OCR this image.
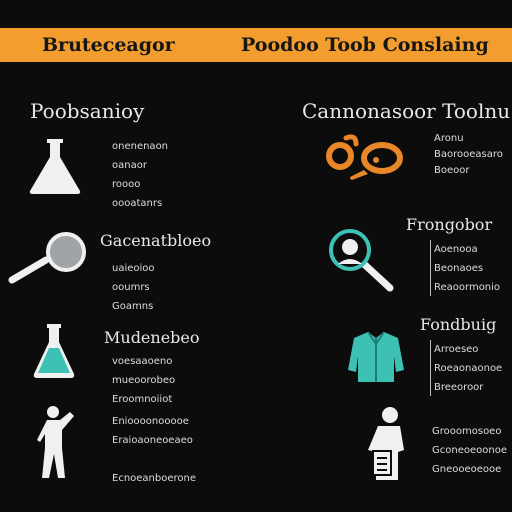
Bruteceagor	Poodoo Toob Conslaing
Poobsanioy	Cannonasoor Toolnu
onenenaon
oanaor
roooo
oooatanrs
Gacenatbloeo
uaieoioo
ooumrs
Goamns
Mudenebeo
voesaaoeno
mueoorobeo
Eroomnoiiot
Enioooonooooe
Eraioaoneoeaeo
Ecnoeanboerone
Aronu
Baorooeasaro
Boeoor
Frongobor
Aoenooa
Beonaoes
Reaoormonio
Fondbuig
Arroeseo
Roeaonaonoe
Breeoroor
Grooomosoeo
Gconeoeoonoe
Gneooeoeooe
